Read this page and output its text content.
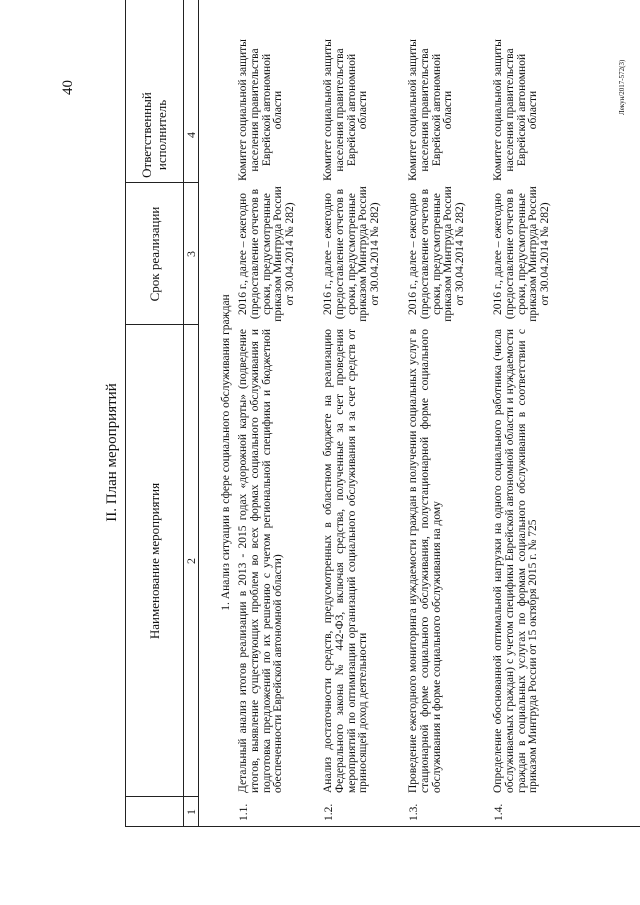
40
II. План мероприятий
Наименование мероприятия
Срок реализации
Ответственный исполнитель
1
2
3
4
1. Анализ ситуации в сфере социального обслуживания граждан
1.1.
Детальный анализ итогов реализации в 2013 - 2015 годах «дорожной карты» (подведение итогов, выявление существующих проблем во всех формах социального обслуживания и подготовка предложений по их решению с учетом региональной специфики и бюджетной обеспеченности Еврейской автономной области)
2016 г., далее – ежегодно (предоставление отчетов в сроки, предусмотренные приказом Минтруда России от 30.04.2014 № 282)
Комитет социальной защиты населения правительства Еврейской автономной области
1.2.
Анализ достаточности средств, предусмотренных в областном бюджете на реализацию Федерального закона № 442-ФЗ, включая средства, полученные за счет проведения мероприятий по оптимизации организаций социального обслуживания и за счет средств от приносящей доход деятельности
2016 г., далее – ежегодно (предоставление отчетов в сроки, предусмотренные приказом Минтруда России от 30.04.2014 № 282)
Комитет социальной защиты населения правительства Еврейской автономной области
1.3.
Проведение ежегодного мониторинга нуждаемости граждан в получении социальных услуг в стационарной форме социального обслуживания, полустационарной форме социального обслуживания и форме социального обслуживания на дому
2016 г., далее – ежегодно (предоставление отчетов в сроки, предусмотренные приказом Минтруда России от 30.04.2014 № 282)
Комитет социальной защиты населения правительства Еврейской автономной области
1.4.
Определение обоснованной оптимальной нагрузки на одного социального работника (числа обслуживаемых граждан) с учетом специфики Еврейской автономной области и нуждаемости граждан в социальных услугах по формам социального обслуживания в соответствии с приказом Минтруда России от 15 октября 2015 г. № 725
2016 г., далее – ежегодно (предоставление отчетов в сроки, предусмотренные приказом Минтруда России от 30.04.2014 № 282)
Комитет социальной защиты населения правительства Еврейской автономной области	Лекун/2017-572(3)
